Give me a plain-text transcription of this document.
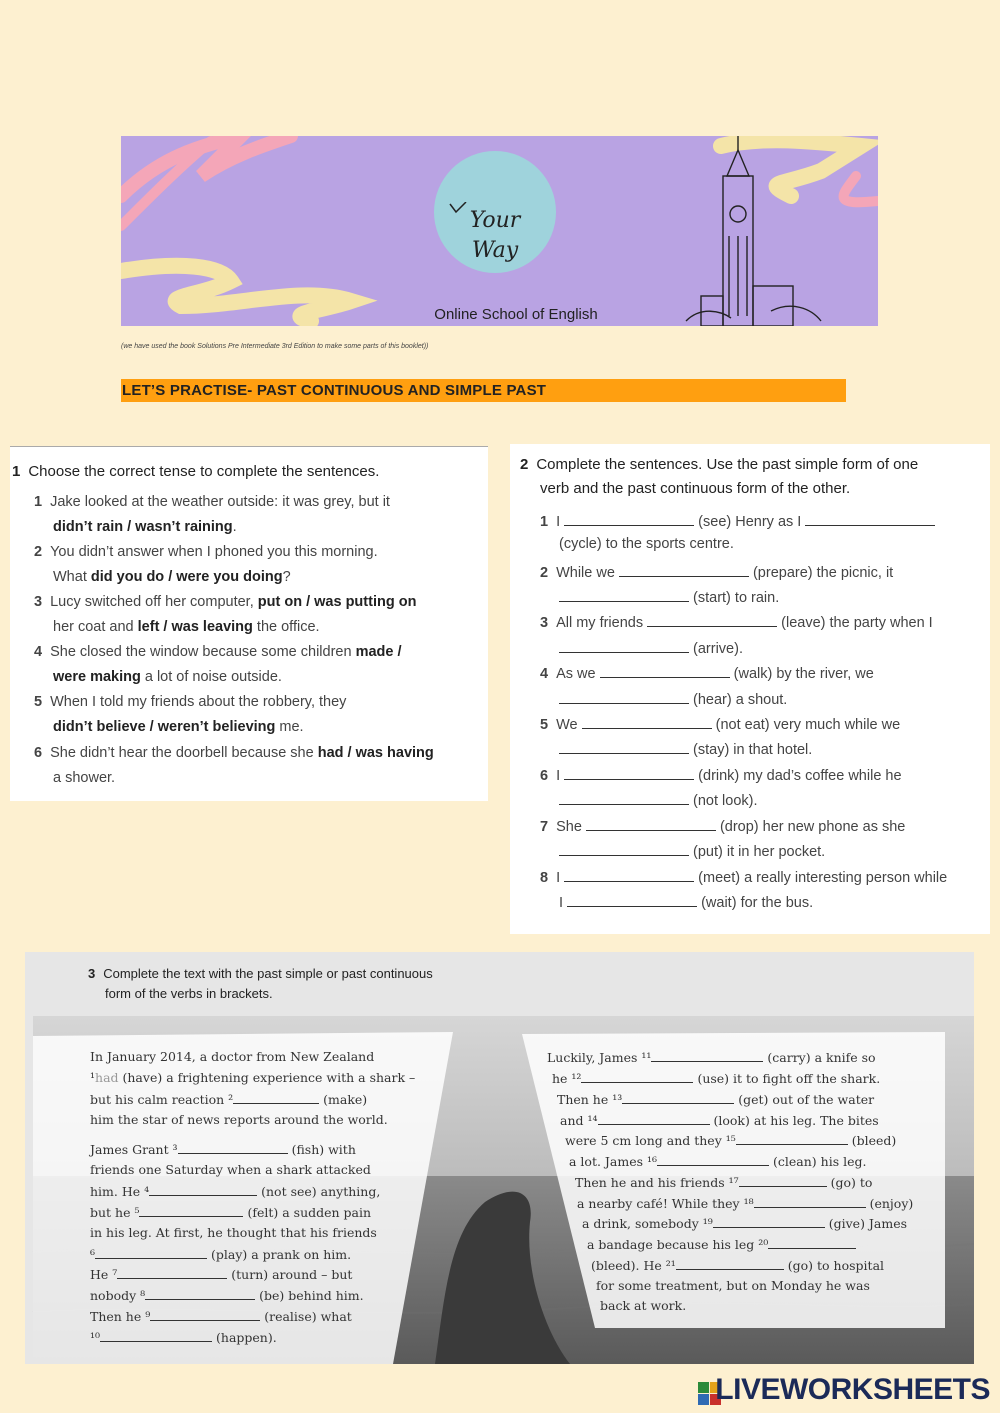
Your
Way
Online School of English
(we have used the book Solutions Pre Intermediate 3rd Edition to make some parts of this booklet))
LET’S PRACTISE- PAST CONTINUOUS AND SIMPLE PAST
1 Choose the correct tense to complete the sentences.
1 Jake looked at the weather outside: it was grey, but it
didn’t rain / wasn’t raining.
2 You didn’t answer when I phoned you this morning.
What did you do / were you doing?
3 Lucy switched off her computer, put on / was putting on
her coat and left / was leaving the office.
4 She closed the window because some children made /
were making a lot of noise outside.
5 When I told my friends about the robbery, they
didn’t believe / weren’t believing me.
6 She didn’t hear the doorbell because she had / was having
a shower.
2 Complete the sentences. Use the past simple form of one
verb and the past continuous form of the other.
1 I	(see) Henry as I
(cycle) to the sports centre.
2 While we	(prepare) the picnic, it
(start) to rain.
3 All my friends	(leave) the party when I
(arrive).
4 As we	(walk) by the river, we
(hear) a shout.
5 We	(not eat) very much while we
(stay) in that hotel.
6 I	(drink) my dad’s coffee while he
(not look).
7 She	(drop) her new phone as she
(put) it in her pocket.
8 I	(meet) a really interesting person while
I	(wait) for the bus.
3 Complete the text with the past simple or past continuous
form of the verbs in brackets.
In January 2014, a doctor from New Zealand
¹had (have) a frightening experience with a shark –
but his calm reaction ²	(make)
him the star of news reports around the world.
James Grant ³	(fish) with
friends one Saturday when a shark attacked
him. He ⁴	(not see) anything,
but he ⁵	(felt) a sudden pain
in his leg. At first, he thought that his friends
⁶	(play) a prank on him.
He ⁷	(turn) around – but
nobody ⁸	(be) behind him.
Then he ⁹	(realise) what
¹⁰	(happen).
Luckily, James ¹¹	(carry) a knife so
he ¹²	(use) it to fight off the shark.
Then he ¹³	(get) out of the water
and ¹⁴	(look) at his leg. The bites
were 5 cm long and they ¹⁵	(bleed)
a lot. James ¹⁶	(clean) his leg.
Then he and his friends ¹⁷	(go) to
a nearby café! While they ¹⁸	(enjoy)
a drink, somebody ¹⁹	(give) James
a bandage because his leg ²⁰
(bleed). He ²¹	(go) to hospital
for some treatment, but on Monday he was
back at work.
LIVEWORKSHEETS
